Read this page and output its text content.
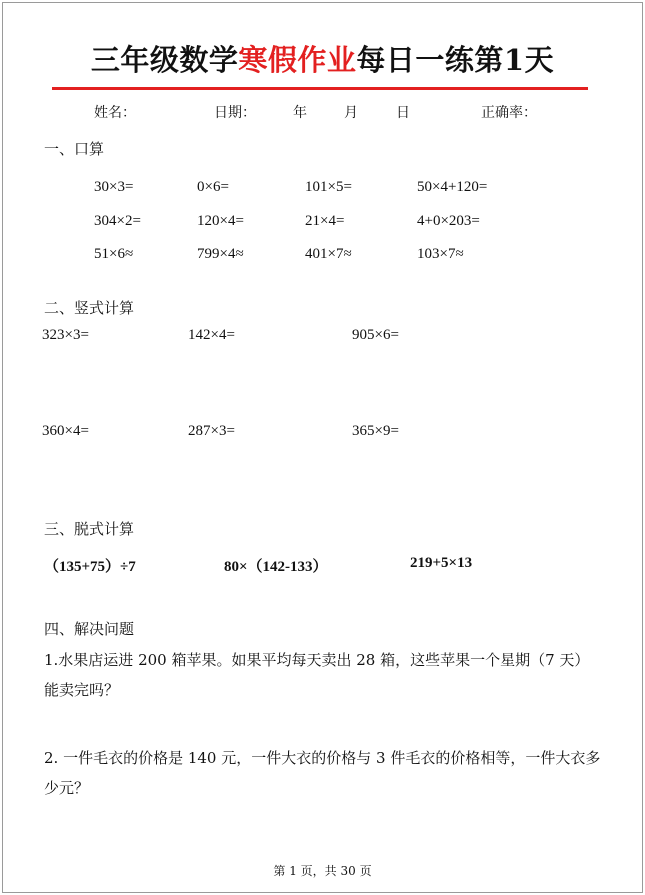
三年级数学寒假作业每日一练第1天
姓名：	日期：	年	月	日	正确率：
一、口算
30×3=	0×6=	101×5=	50×4+120=
304×2=	120×4=	21×4=	4+0×203=
51×6≈	799×4≈	401×7≈	103×7≈
二、竖式计算
323×3=	142×4=	905×6=
360×4=	287×3=	365×9=
三、脱式计算
（135+75）÷7	80×（142-133）	219+5×13
四、解决问题
1.水果店运进 200 箱苹果。如果平均每天卖出 28 箱，这些苹果一个星期（7 天）能卖完吗？
2. 一件毛衣的价格是 140 元，一件大衣的价格与 3 件毛衣的价格相等，一件大衣多少元？
第 1 页，共 30 页
